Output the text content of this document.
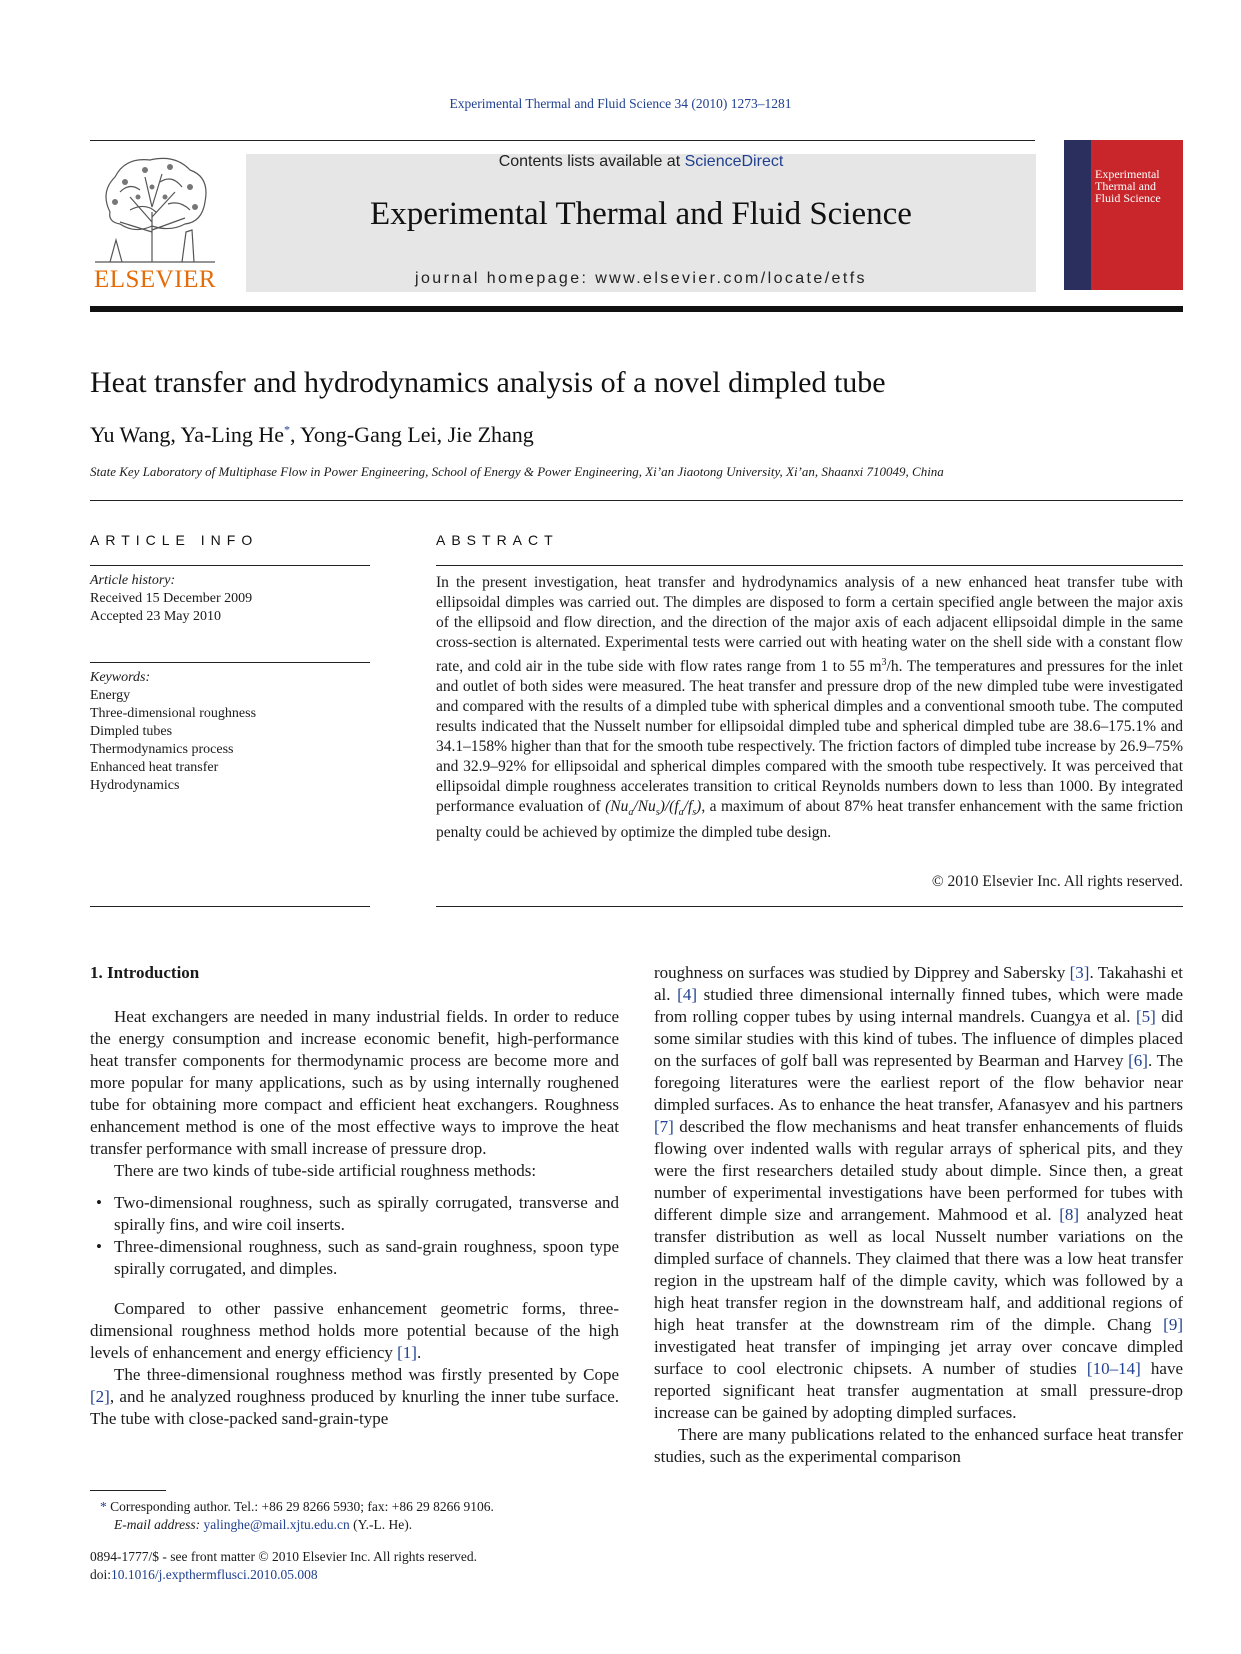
Experimental Thermal and Fluid Science 34 (2010) 1273–1281
ELSEVIER
Contents lists available at ScienceDirect
Experimental Thermal and Fluid Science
journal homepage: www.elsevier.com/locate/etfs
Experimental
Thermal and
Fluid Science
Heat transfer and hydrodynamics analysis of a novel dimpled tube
Yu Wang, Ya-Ling He*, Yong-Gang Lei, Jie Zhang
State Key Laboratory of Multiphase Flow in Power Engineering, School of Energy & Power Engineering, Xi’an Jiaotong University, Xi’an, Shaanxi 710049, China
ARTICLE INFO
Article history:
Received 15 December 2009
Accepted 23 May 2010
Keywords:
Energy
Three-dimensional roughness
Dimpled tubes
Thermodynamics process
Enhanced heat transfer
Hydrodynamics
ABSTRACT
In the present investigation, heat transfer and hydrodynamics analysis of a new enhanced heat transfer tube with ellipsoidal dimples was carried out. The dimples are disposed to form a certain specified angle between the major axis of the ellipsoid and flow direction, and the direction of the major axis of each adjacent ellipsoidal dimple in the same cross-section is alternated. Experimental tests were carried out with heating water on the shell side with a constant flow rate, and cold air in the tube side with flow rates range from 1 to 55 $m^3/h$. The temperatures and pressures for the inlet and outlet of both sides were measured. The heat transfer and pressure drop of the new dimpled tube were investigated and compared with the results of a dimpled tube with spherical dimples and a conventional smooth tube. The computed results indicated that the Nusselt number for ellipsoidal dimpled tube and spherical dimpled tube are 38.6–175.1% and 34.1–158% higher than that for the smooth tube respectively. The friction factors of dimpled tube increase by 26.9–75% and 32.9–92% for ellipsoidal and spherical dimples compared with the smooth tube respectively. It was perceived that ellipsoidal dimple roughness accelerates transition to critical Reynolds numbers down to less than 1000. By integrated performance evaluation of $(Nu_a/Nu_s)/(f_a/f_s)$, a maximum of about 87% heat transfer enhancement with the same friction penalty could be achieved by optimize the dimpled tube design.
© 2010 Elsevier Inc. All rights reserved.

1. Introduction

Heat exchangers are needed in many industrial fields. In order to reduce the energy consumption and increase economic benefit, high-performance heat transfer components for thermodynamic process are become more and more popular for many applications, such as by using internally roughened tube for obtaining more compact and efficient heat exchangers. Roughness enhancement method is one of the most effective ways to improve the heat transfer performance with small increase of pressure drop.

There are two kinds of tube-side artificial roughness methods:

• Two-dimensional roughness, such as spirally corrugated, transverse and spirally fins, and wire coil inserts.
• Three-dimensional roughness, such as sand-grain roughness, spoon type spirally corrugated, and dimples.

Compared to other passive enhancement geometric forms, three-dimensional roughness method holds more potential because of the high levels of enhancement and energy efficiency [1].

The three-dimensional roughness method was firstly presented by Cope [2], and he analyzed roughness produced by knurling the inner tube surface. The tube with close-packed sand-grain-type

roughness on surfaces was studied by Dipprey and Sabersky [3]. Takahashi et al. [4] studied three dimensional internally finned tubes, which were made from rolling copper tubes by using internal mandrels. Cuangya et al. [5] did some similar studies with this kind of tubes. The influence of dimples placed on the surfaces of golf ball was represented by Bearman and Harvey [6]. The foregoing literatures were the earliest report of the flow behavior near dimpled surfaces. As to enhance the heat transfer, Afanasyev and his partners [7] described the flow mechanisms and heat transfer enhancements of fluids flowing over indented walls with regular arrays of spherical pits, and they were the first researchers detailed study about dimple. Since then, a great number of experimental investigations have been performed for tubes with different dimple size and arrangement. Mahmood et al. [8] analyzed heat transfer distribution as well as local Nusselt number variations on the dimpled surface of channels. They claimed that there was a low heat transfer region in the upstream half of the dimple cavity, which was followed by a high heat transfer region in the downstream half, and additional regions of high heat transfer at the downstream rim of the dimple. Chang [9] investigated heat transfer of impinging jet array over concave dimpled surface to cool electronic chipsets. A number of studies [10–14] have reported significant heat transfer augmentation at small pressure-drop increase can be gained by adopting dimpled surfaces.

There are many publications related to the enhanced surface heat transfer studies, such as the experimental comparison

* Corresponding author. Tel.: +86 29 8266 5930; fax: +86 29 8266 9106.
E-mail address: yalinghe@mail.xjtu.edu.cn (Y.-L. He).
0894-1777/$ - see front matter © 2010 Elsevier Inc. All rights reserved.
doi:10.1016/j.expthermflusci.2010.05.008
